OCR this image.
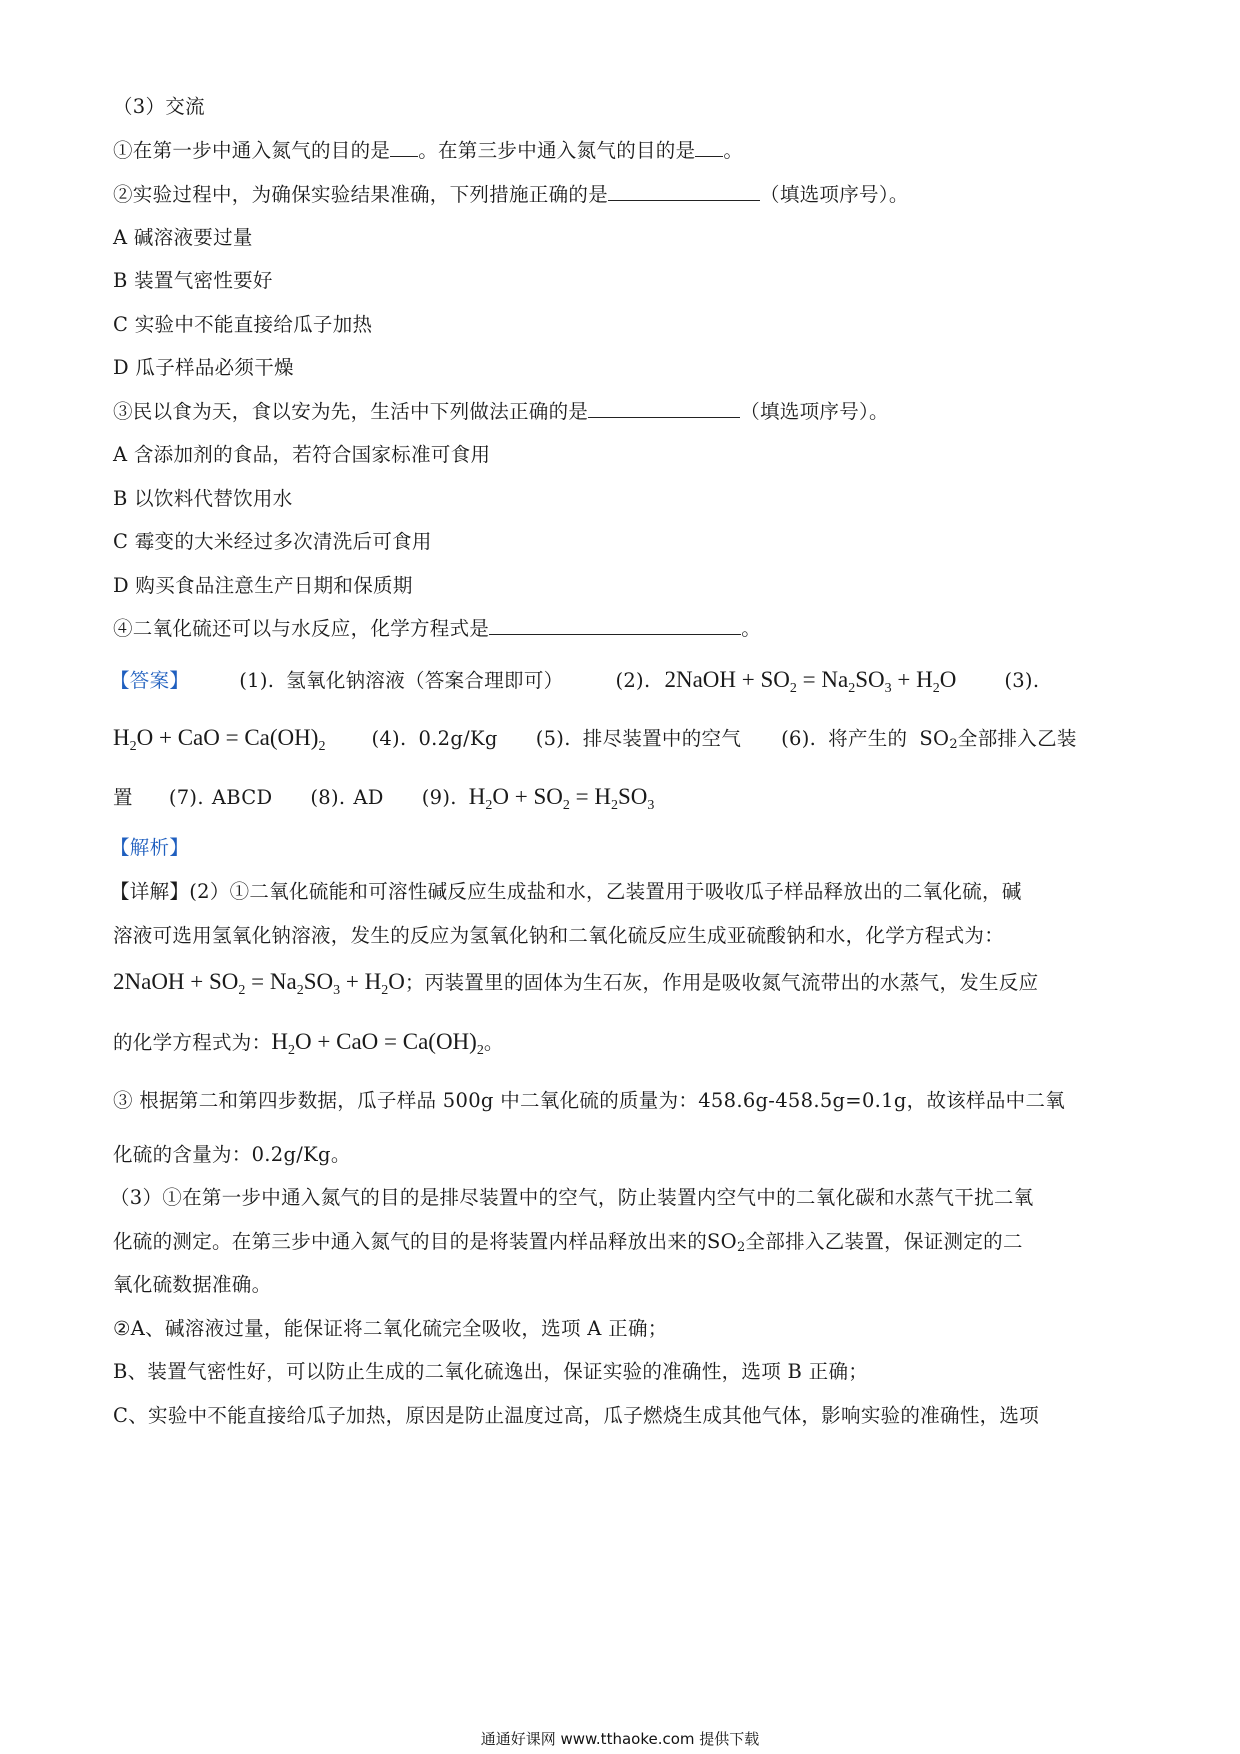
（3）交流
①在第一步中通入氮气的目的是 。在第三步中通入氮气的目的是 。
②实验过程中，为确保实验结果准确，下列措施正确的是	（填选项序号）。
A 碱溶液要过量
B 装置气密性要好
C 实验中不能直接给瓜子加热
D 瓜子样品必须干燥
③民以食为天，食以安为先，生活中下列做法正确的是	（填选项序号）。
A 含添加剂的食品，若符合国家标准可食用
B 以饮料代替饮用水
C 霉变的大米经过多次清洗后可食用
D 购买食品注意生产日期和保质期
④二氧化硫还可以与水反应，化学方程式是	。
【答案】	(1). 氢氧化钠溶液（答案合理即可）	(2). 2NaOH + $SO_2 = Na_2SO_3 + H_2O$ (3).
$H_2O$ + CaO = $Ca(OH)_2$ (4). 0.2g/Kg (5). 排尽装置中的空气 (6). 将产生的 SO2全部排入乙装
置 (7). ABCD (8). AD (9). $H_2O + SO_2 = H_2SO_3$
【解析】
【详解】(2）①二氧化硫能和可溶性碱反应生成盐和水，乙装置用于吸收瓜子样品释放出的二氧化硫，碱
溶液可选用氢氧化钠溶液，发生的反应为氢氧化钠和二氧化硫反应生成亚硫酸钠和水，化学方程式为：
2NaOH + $SO_2 = Na_2SO_3 + H_2O$；丙装置里的固体为生石灰，作用是吸收氮气流带出的水蒸气，发生反应
的化学方程式为：$H_2O$ + CaO = $Ca(OH)_2$。
③ 根据第二和第四步数据，瓜子样品 500g 中二氧化硫的质量为：458.6g-458.5g=0.1g，故该样品中二氧
化硫的含量为：0.2g/Kg。
（3）①在第一步中通入氮气的目的是排尽装置中的空气，防止装置内空气中的二氧化碳和水蒸气干扰二氧
化硫的测定。在第三步中通入氮气的目的是将装置内样品释放出来的SO2全部排入乙装置，保证测定的二
氧化硫数据准确。
②A、碱溶液过量，能保证将二氧化硫完全吸收，选项 A 正确；
B、装置气密性好，可以防止生成的二氧化硫逸出，保证实验的准确性，选项 B 正确；
C、实验中不能直接给瓜子加热，原因是防止温度过高，瓜子燃烧生成其他气体，影响实验的准确性，选项
通通好课网 www.tthaoke.com 提供下载
